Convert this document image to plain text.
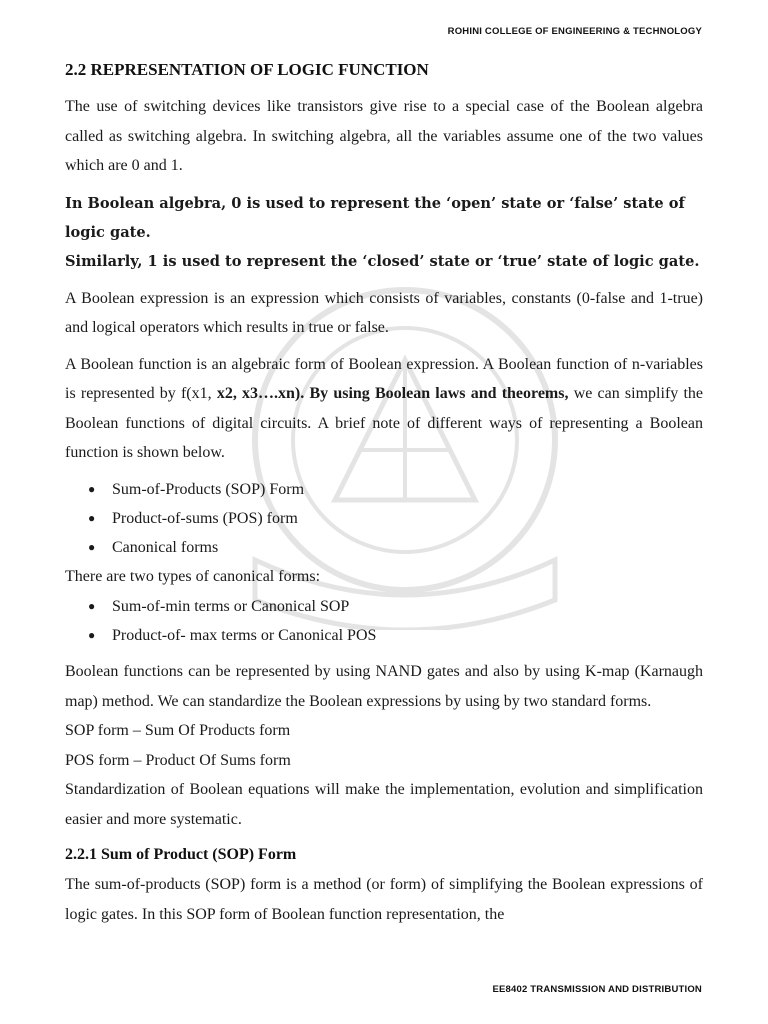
ROHINI COLLEGE OF ENGINEERING & TECHNOLOGY
2.2 REPRESENTATION OF LOGIC FUNCTION

The use of switching devices like transistors give rise to a special case of the Boolean algebra called as switching algebra. In switching algebra, all the variables assume one of the two values which are 0 and 1.

In Boolean algebra, 0 is used to represent the ‘open’ state or ‘false’ state of logic gate.
Similarly, 1 is used to represent the ‘closed’ state or ‘true’ state of logic gate.

A Boolean expression is an expression which consists of variables, constants (0-false and 1-true) and logical operators which results in true or false.

A Boolean function is an algebraic form of Boolean expression. A Boolean function of n-variables is represented by f(x1, x2, x3….xn). By using Boolean laws and theorems, we can simplify the Boolean functions of digital circuits. A brief note of different ways of representing a Boolean function is shown below.

● Sum-of-Products (SOP) Form
● Product-of-sums (POS) form
● Canonical forms

There are two types of canonical forms:

● Sum-of-min terms or Canonical SOP
● Product-of- max terms or Canonical POS

Boolean functions can be represented by using NAND gates and also by using K-map (Karnaugh map) method. We can standardize the Boolean expressions by using by two standard forms.

SOP form – Sum Of Products form

POS form – Product Of Sums form

Standardization of Boolean equations will make the implementation, evolution and simplification easier and more systematic.

2.2.1 Sum of Product (SOP) Form

The sum-of-products (SOP) form is a method (or form) of simplifying the Boolean expressions of logic gates. In this SOP form of Boolean function representation, the

EE8402 TRANSMISSION AND DISTRIBUTION
